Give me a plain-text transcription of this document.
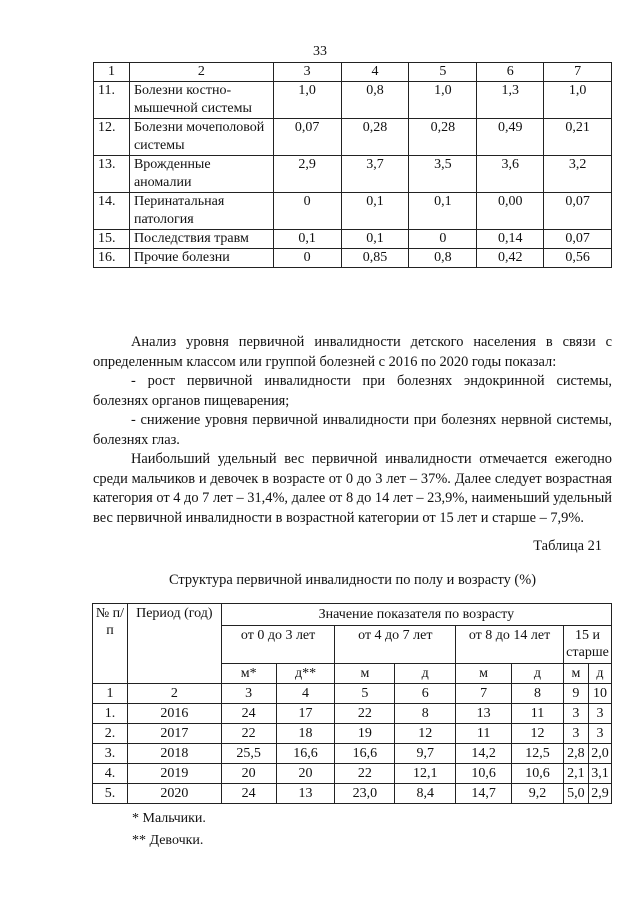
33
1	2	3	4	5	6	7
11.	Болезни костно-мышечной системы	1,0	0,8	1,0	1,3	1,0
12.	Болезни мочеполовой системы	0,07	0,28	0,28	0,49	0,21
13.	Врожденные аномалии	2,9	3,7	3,5	3,6	3,2
14.	Перинатальная патология	0	0,1	0,1	0,00	0,07
15.	Последствия травм	0,1	0,1	0	0,14	0,07
16.	Прочие болезни	0	0,85	0,8	0,42	0,56

Анализ уровня первичной инвалидности детского населения в связи с определенным классом или группой болезней с 2016 по 2020 годы показал:

- рост первичной инвалидности при болезнях эндокринной системы, болезнях органов пищеварения;

- снижение уровня первичной инвалидности при болезнях нервной системы, болезнях глаз.

Наибольший удельный вес первичной инвалидности отмечается ежегодно среди мальчиков и девочек в возрасте от 0 до 3 лет – 37%. Далее следует возрастная категория от 4 до 7 лет – 31,4%, далее от 8 до 14 лет – 23,9%, наименьший удельный вес первичной инвалидности в возрастной категории от 15 лет и старше – 7,9%.

Таблица 21

Структура первичной инвалидности по полу и возрасту (%)

№ п/п	Период (год)	Значение показателя по возрасту							
		от 0 до 3 лет		от 4 до 7 лет		от 8 до 14 лет		15 и старше	
		м*	д**	м	д	м	д	м	д
1	2	3	4	5	6	7	8	9	10
1.	2016	24	17	22	8	13	11	3	3
2.	2017	22	18	19	12	11	12	3	3
3.	2018	25,5	16,6	16,6	9,7	14,2	12,5	2,8	2,0
4.	2019	20	20	22	12,1	10,6	10,6	2,1	3,1
5.	2020	24	13	23,0	8,4	14,7	9,2	5,0	2,9

* Мальчики.

** Девочки.
